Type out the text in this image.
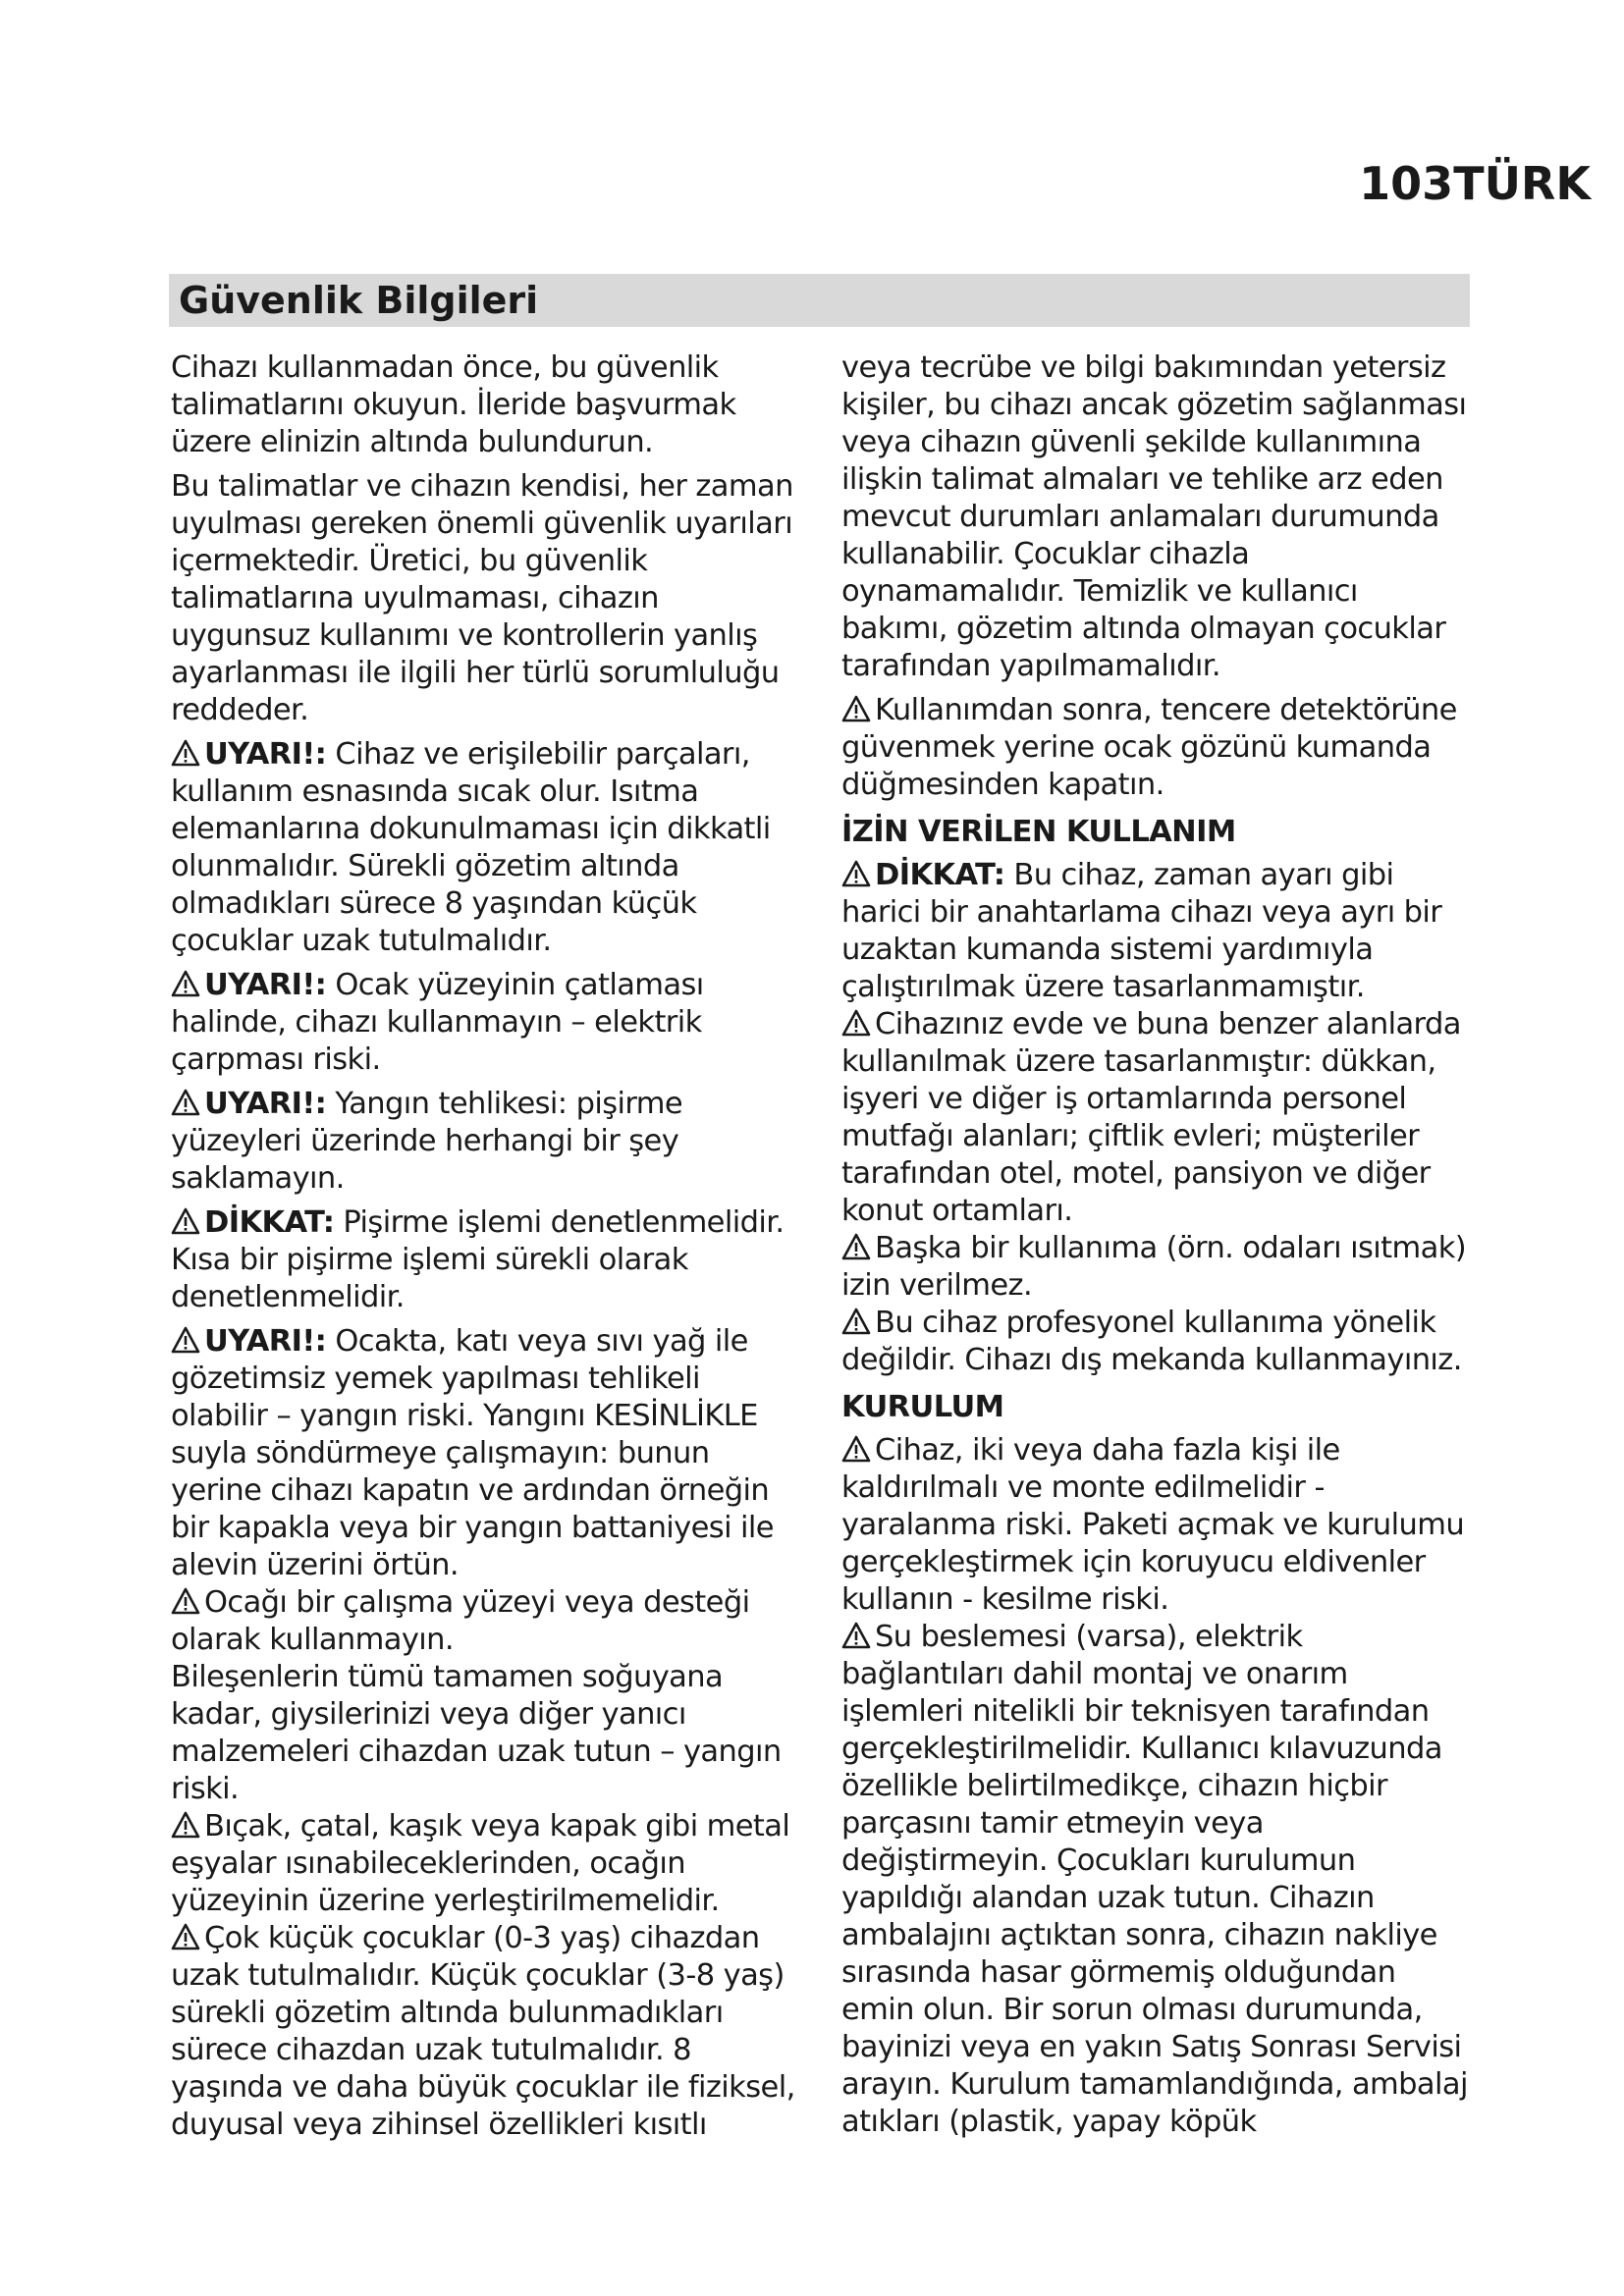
103TÜRK
Güvenlik Bilgileri

Cihazı kullanmadan önce, bu güvenlik talimatlarını okuyun. İleride başvurmak üzere elinizin altında bulundurun.

Bu talimatlar ve cihazın kendisi, her zaman uyulması gereken önemli güvenlik uyarıları içermektedir. Üretici, bu güvenlik talimatlarına uyulmaması, cihazın uygunsuz kullanımı ve kontrollerin yanlış ayarlanması ile ilgili her türlü sorumluluğu reddeder.

UYARI!: Cihaz ve erişilebilir parçaları, kullanım esnasında sıcak olur. Isıtma elemanlarına dokunulmaması için dikkatli olunmalıdır. Sürekli gözetim altında olmadıkları sürece 8 yaşından küçük çocuklar uzak tutulmalıdır.

UYARI!: Ocak yüzeyinin çatlaması halinde, cihazı kullanmayın – elektrik çarpması riski.

UYARI!: Yangın tehlikesi: pişirme yüzeyleri üzerinde herhangi bir şey saklamayın.

DİKKAT: Pişirme işlemi denetlenmelidir. Kısa bir pişirme işlemi sürekli olarak denetlenmelidir.

UYARI!: Ocakta, katı veya sıvı yağ ile gözetimsiz yemek yapılması tehlikeli olabilir – yangın riski. Yangını KESİNLİKLE suyla söndürmeye çalışmayın: bunun yerine cihazı kapatın ve ardından örneğin bir kapakla veya bir yangın battaniyesi ile alevin üzerini örtün.

Ocağı bir çalışma yüzeyi veya desteği olarak kullanmayın.

Bileşenlerin tümü tamamen soğuyana kadar, giysilerinizi veya diğer yanıcı malzemeleri cihazdan uzak tutun – yangın riski.

Bıçak, çatal, kaşık veya kapak gibi metal eşyalar ısınabileceklerinden, ocağın yüzeyinin üzerine yerleştirilmemelidir.

Çok küçük çocuklar (0-3 yaş) cihazdan uzak tutulmalıdır. Küçük çocuklar (3-8 yaş) sürekli gözetim altında bulunmadıkları sürece cihazdan uzak tutulmalıdır. 8 yaşında ve daha büyük çocuklar ile fiziksel, duyusal veya zihinsel özellikleri kısıtlı

veya tecrübe ve bilgi bakımından yetersiz kişiler, bu cihazı ancak gözetim sağlanması veya cihazın güvenli şekilde kullanımına ilişkin talimat almaları ve tehlike arz eden mevcut durumları anlamaları durumunda kullanabilir. Çocuklar cihazla oynamamalıdır. Temizlik ve kullanıcı bakımı, gözetim altında olmayan çocuklar tarafından yapılmamalıdır.

Kullanımdan sonra, tencere detektörüne güvenmek yerine ocak gözünü kumanda düğmesinden kapatın.

İZİN VERİLEN KULLANIM

DİKKAT: Bu cihaz, zaman ayarı gibi harici bir anahtarlama cihazı veya ayrı bir uzaktan kumanda sistemi yardımıyla çalıştırılmak üzere tasarlanmamıştır.

Cihazınız evde ve buna benzer alanlarda kullanılmak üzere tasarlanmıştır: dükkan, işyeri ve diğer iş ortamlarında personel mutfağı alanları; çiftlik evleri; müşteriler tarafından otel, motel, pansiyon ve diğer konut ortamları.

Başka bir kullanıma (örn. odaları ısıtmak) izin verilmez.

Bu cihaz profesyonel kullanıma yönelik değildir. Cihazı dış mekanda kullanmayınız.

KURULUM

Cihaz, iki veya daha fazla kişi ile kaldırılmalı ve monte edilmelidir - yaralanma riski. Paketi açmak ve kurulumu gerçekleştirmek için koruyucu eldivenler kullanın - kesilme riski.

Su beslemesi (varsa), elektrik bağlantıları dahil montaj ve onarım işlemleri nitelikli bir teknisyen tarafından gerçekleştirilmelidir. Kullanıcı kılavuzunda özellikle belirtilmedikçe, cihazın hiçbir parçasını tamir etmeyin veya değiştirmeyin. Çocukları kurulumun yapıldığı alandan uzak tutun. Cihazın ambalajını açtıktan sonra, cihazın nakliye sırasında hasar görmemiş olduğundan emin olun. Bir sorun olması durumunda, bayinizi veya en yakın Satış Sonrası Servisi arayın. Kurulum tamamlandığında, ambalaj atıkları (plastik, yapay köpük
